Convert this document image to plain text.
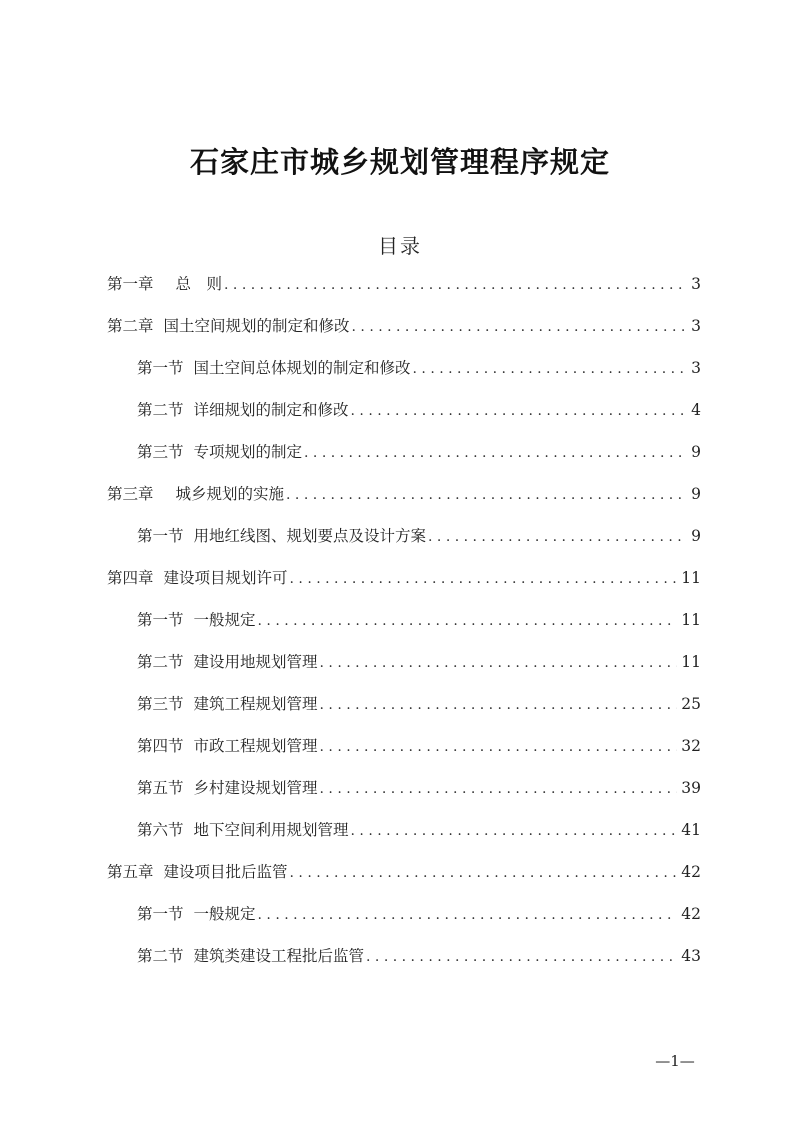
石家庄市城乡规划管理程序规定
目录
第一章 总　则 . . .	3
第二章 国土空间规划的制定和修改 . . .	3
第一节 国土空间总体规划的制定和修改 . . .	3
第二节 详细规划的制定和修改 . . .	4
第三节 专项规划的制定 . . .	9
第三章 城乡规划的实施 . . .	9
第一节 用地红线图、规划要点及设计方案 . . .	9
第四章 建设项目规划许可 . . .	11
第一节 一般规定 . . .	11
第二节 建设用地规划管理 . . .	11
第三节 建筑工程规划管理 . . .	25
第四节 市政工程规划管理 . . .	32
第五节 乡村建设规划管理 . . .	39
第六节 地下空间利用规划管理 . . .	41
第五章 建设项目批后监管 . . .	42
第一节 一般规定 . . .	42
第二节 建筑类建设工程批后监管 . . .	43
—1—
